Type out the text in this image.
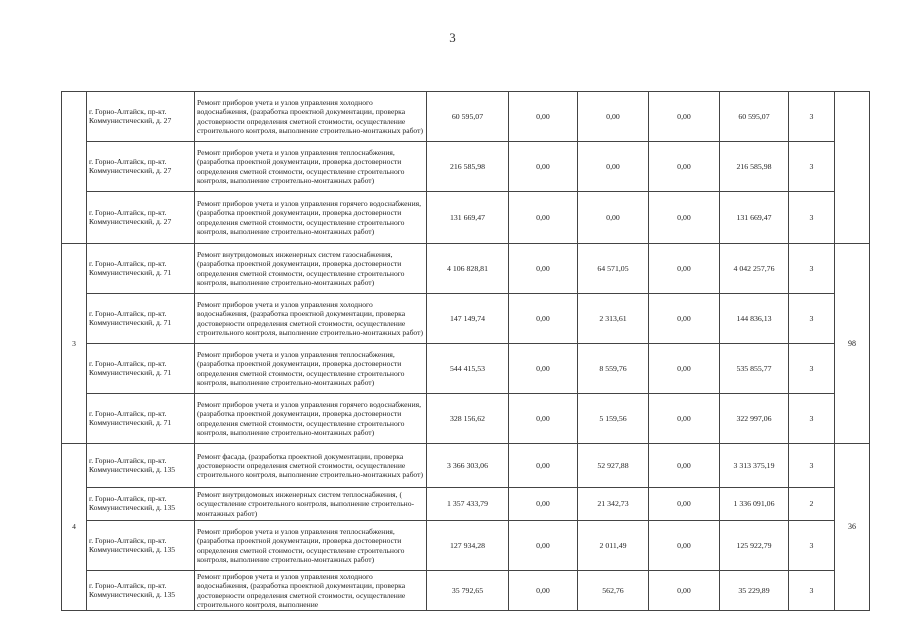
3
	г. Горно-Алтайск, пр-кт. Коммунистический, д. 27	Ремонт приборов учета и узлов управления холодного водоснабжения, (разработка проектной документации, проверка достоверности определения сметной стоимости, осуществление строительного контроля, выполнение строительно-монтажных работ)	60 595,07	0,00	0,00	0,00	60 595,07	3	
	г. Горно-Алтайск, пр-кт. Коммунистический, д. 27	Ремонт приборов учета и узлов управления теплоснабжения, (разработка проектной документации, проверка достоверности определения сметной стоимости, осуществление строительного контроля, выполнение строительно-монтажных работ)	216 585,98	0,00	0,00	0,00	216 585,98	3	
	г. Горно-Алтайск, пр-кт. Коммунистический, д. 27	Ремонт приборов учета и узлов управления горячего водоснабжения, (разработка проектной документации, проверка достоверности определения сметной стоимости, осуществление строительного контроля, выполнение строительно-монтажных работ)	131 669,47	0,00	0,00	0,00	131 669,47	3	
3	г. Горно-Алтайск, пр-кт. Коммунистический, д. 71	Ремонт внутридомовых инженерных систем газоснабжения, (разработка проектной документации, проверка достоверности определения сметной стоимости, осуществление строительного контроля, выполнение строительно-монтажных работ)	4 106 828,81	0,00	64 571,05	0,00	4 042 257,76	3	98
	г. Горно-Алтайск, пр-кт. Коммунистический, д. 71	Ремонт приборов учета и узлов управления холодного водоснабжения, (разработка проектной документации, проверка достоверности определения сметной стоимости, осуществление строительного контроля, выполнение строительно-монтажных работ)	147 149,74	0,00	2 313,61	0,00	144 836,13	3	
	г. Горно-Алтайск, пр-кт. Коммунистический, д. 71	Ремонт приборов учета и узлов управления теплоснабжения, (разработка проектной документации, проверка достоверности определения сметной стоимости, осуществление строительного контроля, выполнение строительно-монтажных работ)	544 415,53	0,00	8 559,76	0,00	535 855,77	3	
	г. Горно-Алтайск, пр-кт. Коммунистический, д. 71	Ремонт приборов учета и узлов управления горячего водоснабжения, (разработка проектной документации, проверка достоверности определения сметной стоимости, осуществление строительного контроля, выполнение строительно-монтажных работ)	328 156,62	0,00	5 159,56	0,00	322 997,06	3	
4	г. Горно-Алтайск, пр-кт. Коммунистический, д. 135	Ремонт фасада, (разработка проектной документации, проверка достоверности определения сметной стоимости, осуществление строительного контроля, выполнение строительно-монтажных работ)	3 366 303,06	0,00	52 927,88	0,00	3 313 375,19	3	36
	г. Горно-Алтайск, пр-кт. Коммунистический, д. 135	Ремонт внутридомовых инженерных систем теплоснабжения, ( осуществление строительного контроля, выполнение строительно-монтажных работ)	1 357 433,79	0,00	21 342,73	0,00	1 336 091,06	2	
	г. Горно-Алтайск, пр-кт. Коммунистический, д. 135	Ремонт приборов учета и узлов управления теплоснабжения, (разработка проектной документации, проверка достоверности определения сметной стоимости, осуществление строительного контроля, выполнение строительно-монтажных работ)	127 934,28	0,00	2 011,49	0,00	125 922,79	3	
	г. Горно-Алтайск, пр-кт. Коммунистический, д. 135	Ремонт приборов учета и узлов управления холодного водоснабжения, (разработка проектной документации, проверка достоверности определения сметной стоимости, осуществление строительного контроля, выполнение	35 792,65	0,00	562,76	0,00	35 229,89	3	
